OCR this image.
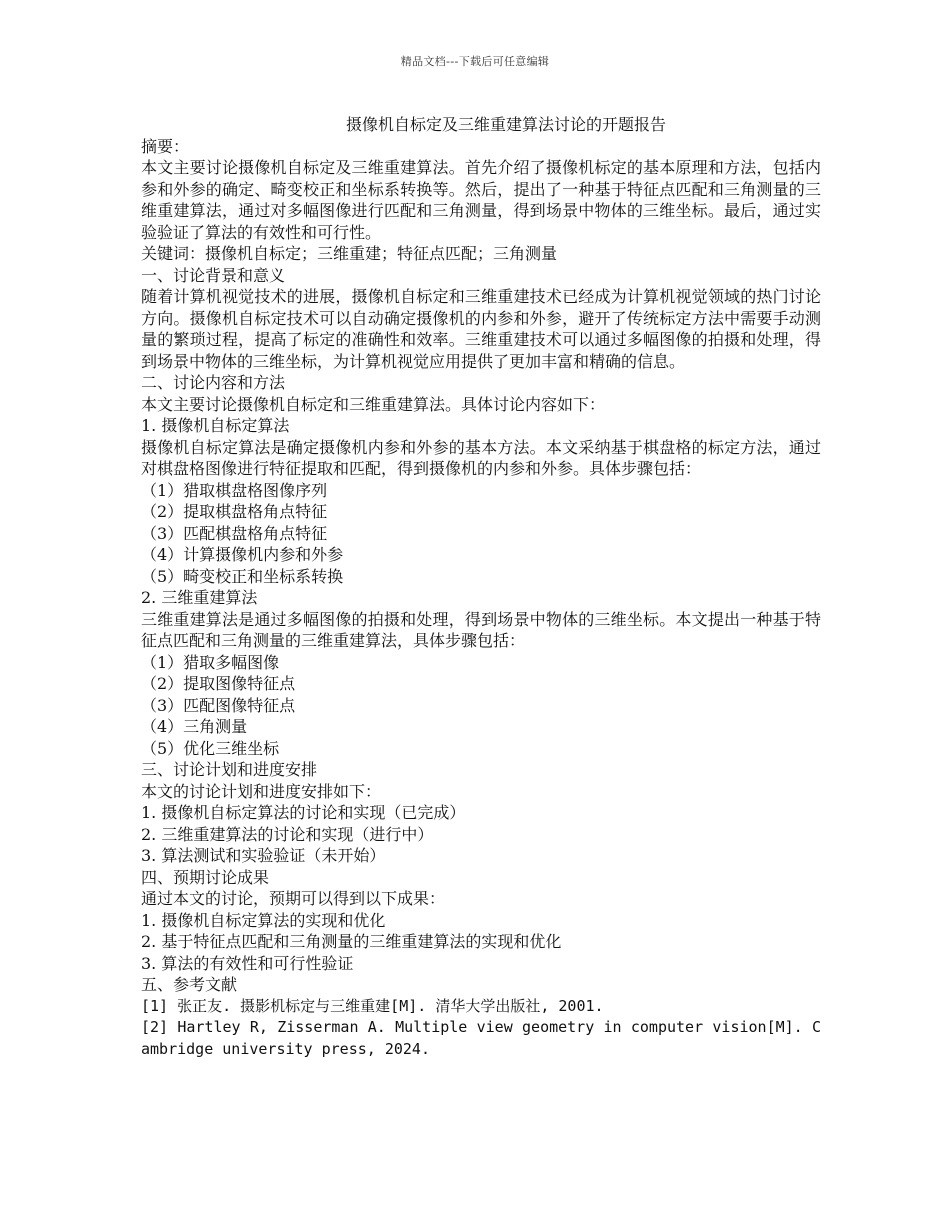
精品文档---下载后可任意编辑
摄像机自标定及三维重建算法讨论的开题报告
摘要：
本文主要讨论摄像机自标定及三维重建算法。首先介绍了摄像机标定的基本原理和方法，包括内参和外参的确定、畸变校正和坐标系转换等。然后，提出了一种基于特征点匹配和三角测量的三维重建算法，通过对多幅图像进行匹配和三角测量，得到场景中物体的三维坐标。最后，通过实验验证了算法的有效性和可行性。
关键词：摄像机自标定；三维重建；特征点匹配；三角测量
一、讨论背景和意义
随着计算机视觉技术的进展，摄像机自标定和三维重建技术已经成为计算机视觉领域的热门讨论方向。摄像机自标定技术可以自动确定摄像机的内参和外参，避开了传统标定方法中需要手动测量的繁琐过程，提高了标定的准确性和效率。三维重建技术可以通过多幅图像的拍摄和处理，得到场景中物体的三维坐标，为计算机视觉应用提供了更加丰富和精确的信息。
二、讨论内容和方法
本文主要讨论摄像机自标定和三维重建算法。具体讨论内容如下：
1. 摄像机自标定算法
摄像机自标定算法是确定摄像机内参和外参的基本方法。本文采纳基于棋盘格的标定方法，通过对棋盘格图像进行特征提取和匹配，得到摄像机的内参和外参。具体步骤包括：
（1）猎取棋盘格图像序列
（2）提取棋盘格角点特征
（3）匹配棋盘格角点特征
（4）计算摄像机内参和外参
（5）畸变校正和坐标系转换
2. 三维重建算法
三维重建算法是通过多幅图像的拍摄和处理，得到场景中物体的三维坐标。本文提出一种基于特征点匹配和三角测量的三维重建算法，具体步骤包括：
（1）猎取多幅图像
（2）提取图像特征点
（3）匹配图像特征点
（4）三角测量
（5）优化三维坐标
三、讨论计划和进度安排
本文的讨论计划和进度安排如下：
1. 摄像机自标定算法的讨论和实现（已完成）
2. 三维重建算法的讨论和实现（进行中）
3. 算法测试和实验验证（未开始）
四、预期讨论成果
通过本文的讨论，预期可以得到以下成果：
1. 摄像机自标定算法的实现和优化
2. 基于特征点匹配和三角测量的三维重建算法的实现和优化
3. 算法的有效性和可行性验证
五、参考文献
[1] 张正友. 摄影机标定与三维重建[M]. 清华大学出版社, 2001.
[2] Hartley R, Zisserman A. Multiple view geometry in computer vision[M]. Cambridge university press, 2024.
